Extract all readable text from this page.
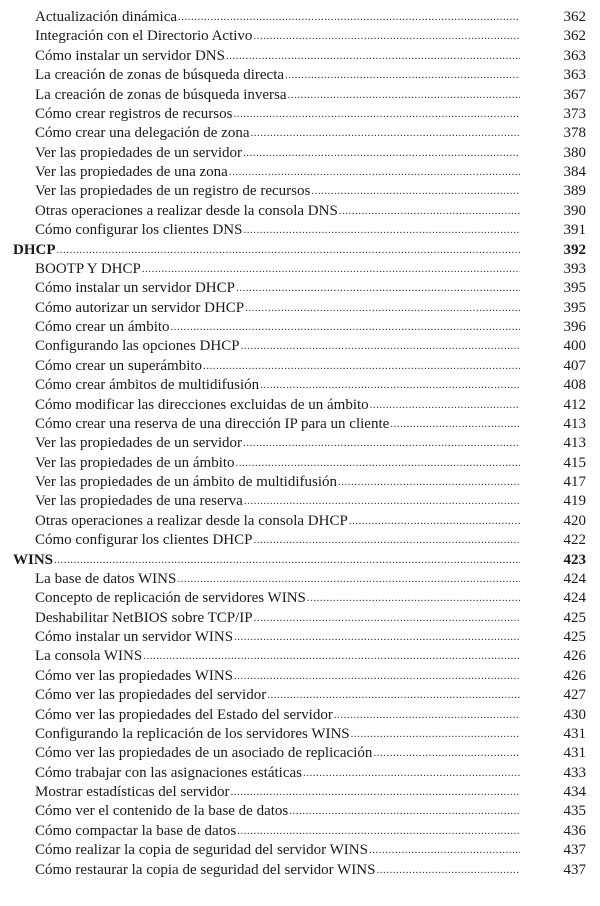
Actualización dinámica .....	362
Integración con el Directorio Activo .....	362
Cómo instalar un servidor DNS .....	363
La creación de zonas de búsqueda directa .....	363
La creación de zonas de búsqueda inversa .....	367
Cómo crear registros de recursos .....	373
Cómo crear una delegación de zona .....	378
Ver las propiedades de un servidor .....	380
Ver las propiedades de una zona .....	384
Ver las propiedades de un registro de recursos .....	389
Otras operaciones a realizar desde la consola DNS .....	390
Cómo configurar los clientes DNS .....	391
DHCP .....	392
BOOTP Y DHCP .....	393
Cómo instalar un servidor DHCP .....	395
Cómo autorizar un servidor DHCP .....	395
Cómo crear un ámbito .....	396
Configurando las opciones DHCP .....	400
Cómo crear un superámbito .....	407
Cómo crear ámbitos de multidifusión .....	408
Cómo modificar las direcciones excluidas de un ámbito .....	412
Cómo crear una reserva de una dirección IP para un cliente .....	413
Ver las propiedades de un servidor .....	413
Ver las propiedades de un ámbito .....	415
Ver las propiedades de un ámbito de multidifusión .....	417
Ver las propiedades de una reserva .....	419
Otras operaciones a realizar desde la consola DHCP .....	420
Cómo configurar los clientes DHCP .....	422
WINS .....	423
La base de datos WINS .....	424
Concepto de replicación de servidores WINS .....	424
Deshabilitar NetBIOS sobre TCP/IP .....	425
Cómo instalar un servidor WINS .....	425
La consola WINS .....	426
Cómo ver las propiedades WINS .....	426
Cómo ver las propiedades del servidor .....	427
Cómo ver las propiedades del Estado del servidor .....	430
Configurando la replicación de los servidores WINS .....	431
Cómo ver las propiedades de un asociado de replicación .....	431
Cómo trabajar con las asignaciones estáticas .....	433
Mostrar estadísticas del servidor .....	434
Cómo ver el contenido de la base de datos .....	435
Cómo compactar la base de datos .....	436
Cómo realizar la copia de seguridad del servidor WINS .....	437
Cómo restaurar la copia de seguridad del servidor WINS .....	437
